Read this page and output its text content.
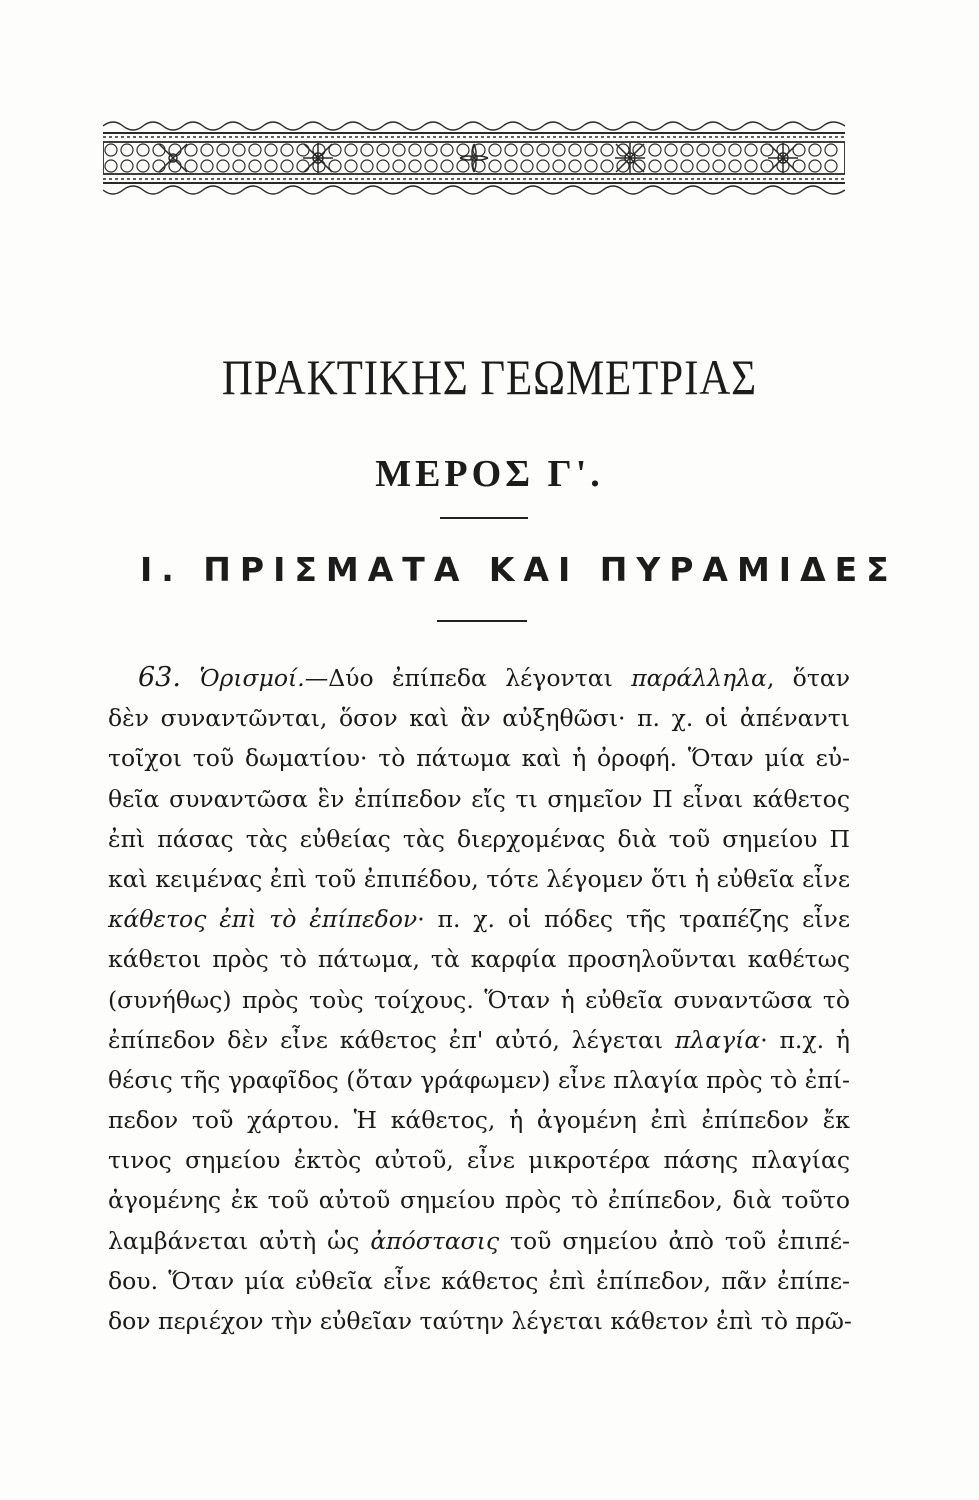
ΠΡΑΚΤΙΚΗΣ ΓΕΩΜΕΤΡΙΑΣ
ΜΕΡΟΣ Γ'.
Ι. ΠΡΙΣΜΑΤΑ ΚΑΙ ΠΥΡΑΜΙΔΕΣ
63. Ὁρισμοί.—Δύο ἐπίπεδα λέγονται παράλληλα, ὅταν
δὲν συναντῶνται, ὅσον καὶ ἂν αὐξηθῶσι· π. χ. οἱ ἀπέναντι
τοῖχοι τοῦ δωματίου· τὸ πάτωμα καὶ ἡ ὀροφή. Ὅταν μία εὐ-
θεῖα συναντῶσα ἓν ἐπίπεδον εἴς τι σημεῖον Π εἶναι κάθετος
ἐπὶ πάσας τὰς εὐθείας τὰς διερχομένας διὰ τοῦ σημείου Π
καὶ κειμένας ἐπὶ τοῦ ἐπιπέδου, τότε λέγομεν ὅτι ἡ εὐθεῖα εἶνε
κάθετος ἐπὶ τὸ ἐπίπεδον· π. χ. οἱ πόδες τῆς τραπέζης εἶνε
κάθετοι πρὸς τὸ πάτωμα, τὰ καρφία προσηλοῦνται καθέτως
(συνήθως) πρὸς τοὺς τοίχους. Ὅταν ἡ εὐθεῖα συναντῶσα τὸ
ἐπίπεδον δὲν εἶνε κάθετος ἐπ' αὐτό, λέγεται πλαγία· π.χ. ἡ
θέσις τῆς γραφῖδος (ὅταν γράφωμεν) εἶνε πλαγία πρὸς τὸ ἐπί-
πεδον τοῦ χάρτου. Ἡ κάθετος, ἡ ἀγομένη ἐπὶ ἐπίπεδον ἔκ
τινος σημείου ἐκτὸς αὐτοῦ, εἶνε μικροτέρα πάσης πλαγίας
ἀγομένης ἐκ τοῦ αὐτοῦ σημείου πρὸς τὸ ἐπίπεδον, διὰ τοῦτο
λαμβάνεται αὐτὴ ὡς ἀπόστασις τοῦ σημείου ἀπὸ τοῦ ἐπιπέ-
δου. Ὅταν μία εὐθεῖα εἶνε κάθετος ἐπὶ ἐπίπεδον, πᾶν ἐπίπε-
δον περιέχον τὴν εὐθεῖαν ταύτην λέγεται κάθετον ἐπὶ τὸ πρῶ-
